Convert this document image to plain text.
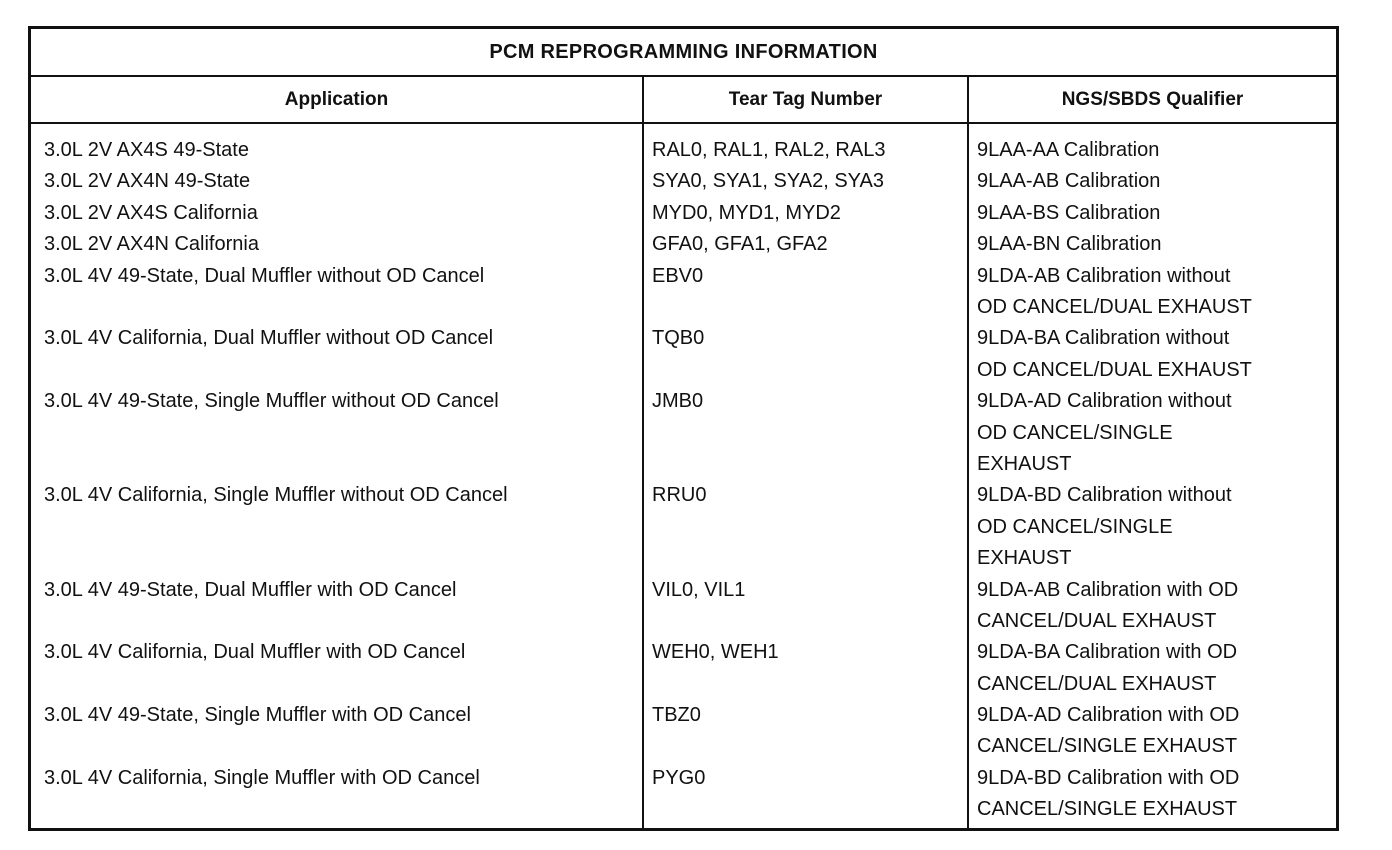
PCM REPROGRAMMING INFORMATION
Application	Tear Tag Number	NGS/SBDS Qualifier
3.0L 2V AX4S 49-State	RAL0, RAL1, RAL2, RAL3	9LAA-AA Calibration
3.0L 2V AX4N 49-State	SYA0, SYA1, SYA2, SYA3	9LAA-AB Calibration
3.0L 2V AX4S California	MYD0, MYD1, MYD2	9LAA-BS Calibration
3.0L 2V AX4N California	GFA0, GFA1, GFA2	9LAA-BN Calibration
3.0L 4V 49-State, Dual Muffler without OD Cancel	EBV0	9LDA-AB Calibration without
OD CANCEL/DUAL EXHAUST
3.0L 4V California, Dual Muffler without OD Cancel	TQB0	9LDA-BA Calibration without
OD CANCEL/DUAL EXHAUST
3.0L 4V 49-State, Single Muffler without OD Cancel	JMB0	9LDA-AD Calibration without
OD CANCEL/SINGLE
EXHAUST
3.0L 4V California, Single Muffler without OD Cancel	RRU0	9LDA-BD Calibration without
OD CANCEL/SINGLE
EXHAUST
3.0L 4V 49-State, Dual Muffler with OD Cancel	VIL0, VIL1	9LDA-AB Calibration with OD
CANCEL/DUAL EXHAUST
3.0L 4V California, Dual Muffler with OD Cancel	WEH0, WEH1	9LDA-BA Calibration with OD
CANCEL/DUAL EXHAUST
3.0L 4V 49-State, Single Muffler with OD Cancel	TBZ0	9LDA-AD Calibration with OD
CANCEL/SINGLE EXHAUST
3.0L 4V California, Single Muffler with OD Cancel	PYG0	9LDA-BD Calibration with OD
CANCEL/SINGLE EXHAUST
